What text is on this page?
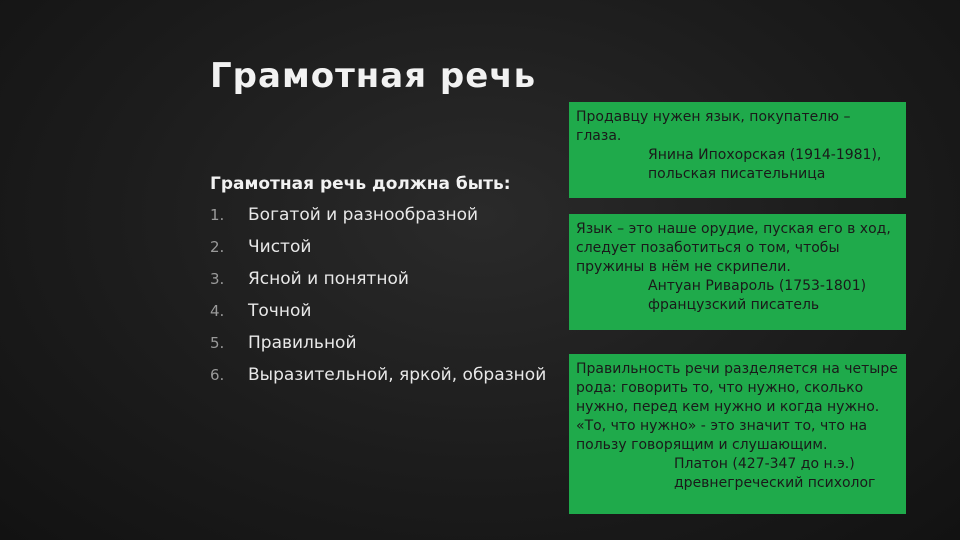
Грамотная речь

Грамотная речь должна быть:

1.	Богатой и разнообразной
2.	Чистой
3.	Ясной и понятной
4.	Точной
5.	Правильной
6.	Выразительной, яркой, образной
Продавцу нужен язык, покупателю – глаза.
Янина Ипохорская (1914-1981),
польская писательница
Язык – это наше орудие, пуская его в ход, следует позаботиться о том, чтобы пружины в нём не скрипели.
Антуан Ривароль (1753-1801)
французский писатель
Правильность речи разделяется на четыре рода: говорить то, что нужно, сколько нужно, перед кем нужно и когда нужно. «То, что нужно» - это значит то, что на пользу говорящим и слушающим.
Платон (427-347 до н.э.)
древнегреческий психолог
